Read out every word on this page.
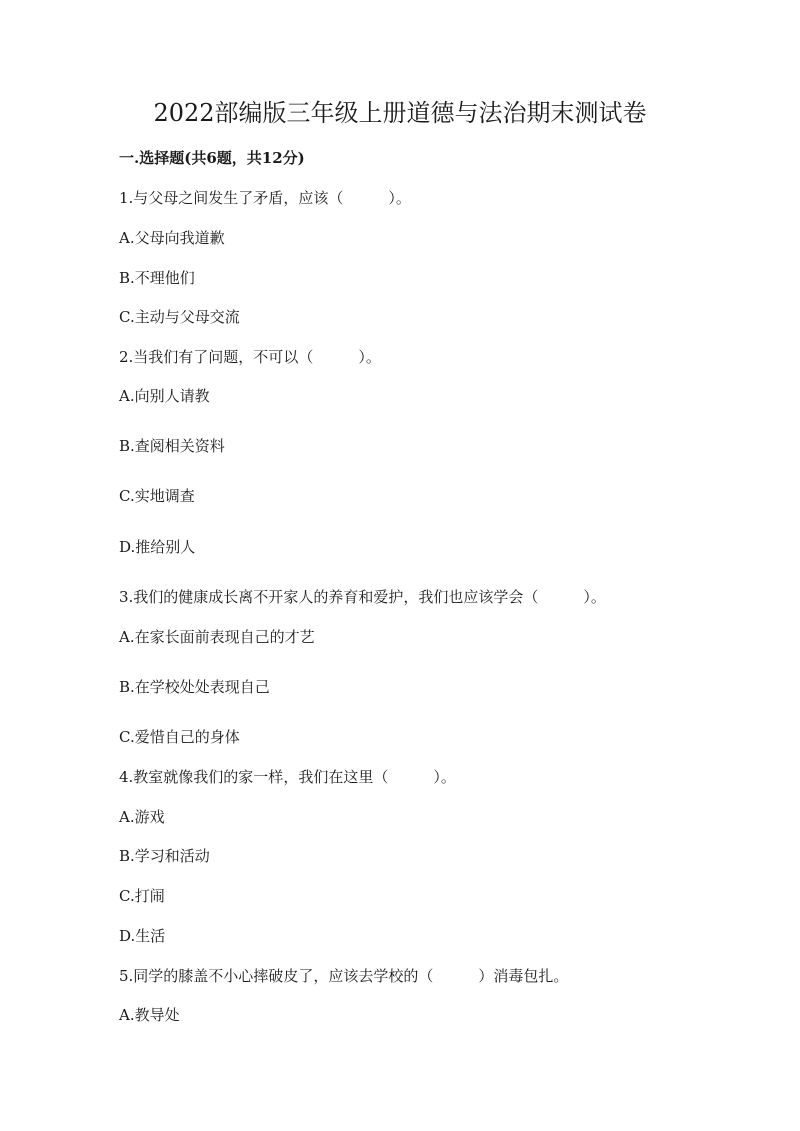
2022部编版三年级上册道德与法治期末测试卷
一.选择题(共6题，共12分)
1.与父母之间发生了矛盾，应该（　　　）。
A.父母向我道歉
B.不理他们
C.主动与父母交流
2.当我们有了问题，不可以（　　　）。
A.向别人请教
B.查阅相关资料
C.实地调查
D.推给别人
3.我们的健康成长离不开家人的养育和爱护，我们也应该学会（　　　）。
A.在家长面前表现自己的才艺
B.在学校处处表现自己
C.爱惜自己的身体
4.教室就像我们的家一样，我们在这里（　　　）。
A.游戏
B.学习和活动
C.打闹
D.生活
5.同学的膝盖不小心摔破皮了，应该去学校的（　　　）消毒包扎。
A.教导处
